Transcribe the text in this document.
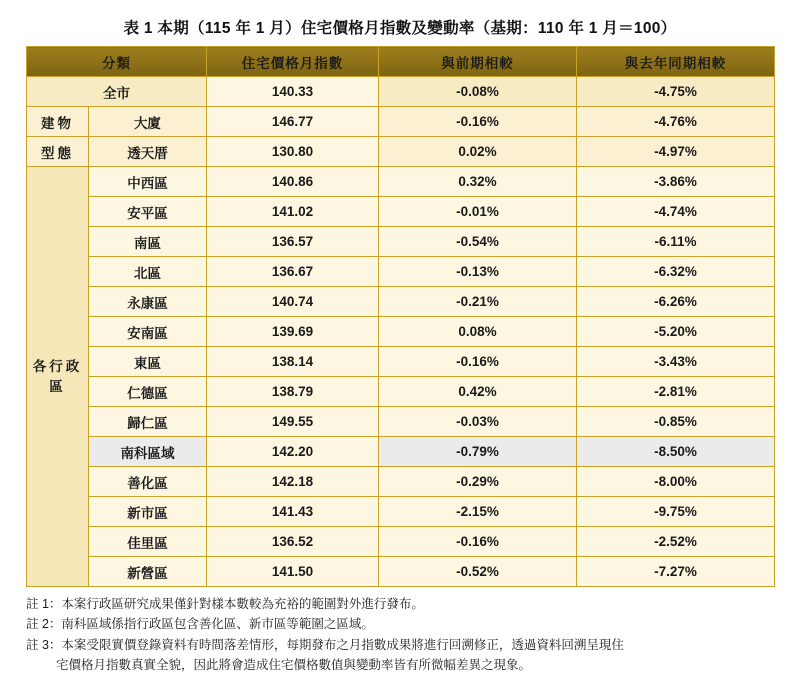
表 1 本期（115 年 1 月）住宅價格月指數及變動率（基期：110 年 1 月＝100）
分類		住宅價格月指數	與前期相較	與去年同期相較
全市		140.33	-0.08%	-4.75%
建物	大廈	146.77	-0.16%	-4.76%
型態	透天厝	130.80	0.02%	-4.97%
各行政區	中西區	140.86	0.32%	-3.86%
	安平區	141.02	-0.01%	-4.74%
	南區	136.57	-0.54%	-6.11%
	北區	136.67	-0.13%	-6.32%
	永康區	140.74	-0.21%	-6.26%
	安南區	139.69	0.08%	-5.20%
	東區	138.14	-0.16%	-3.43%
	仁德區	138.79	0.42%	-2.81%
	歸仁區	149.55	-0.03%	-0.85%
	南科區域	142.20	-0.79%	-8.50%
	善化區	142.18	-0.29%	-8.00%
	新市區	141.43	-2.15%	-9.75%
	佳里區	136.52	-0.16%	-2.52%
	新營區	141.50	-0.52%	-7.27%
註 1：本案行政區研究成果僅針對樣本數較為充裕的範圍對外進行發布。
註 2：南科區域係指行政區包含善化區、新市區等範圍之區域。
註 3：本案受限實價登錄資料有時間落差情形，每期發布之月指數成果將進行回溯修正，透過資料回溯呈現住
宅價格月指數真實全貌，因此將會造成住宅價格數值與變動率皆有所微幅差異之現象。
